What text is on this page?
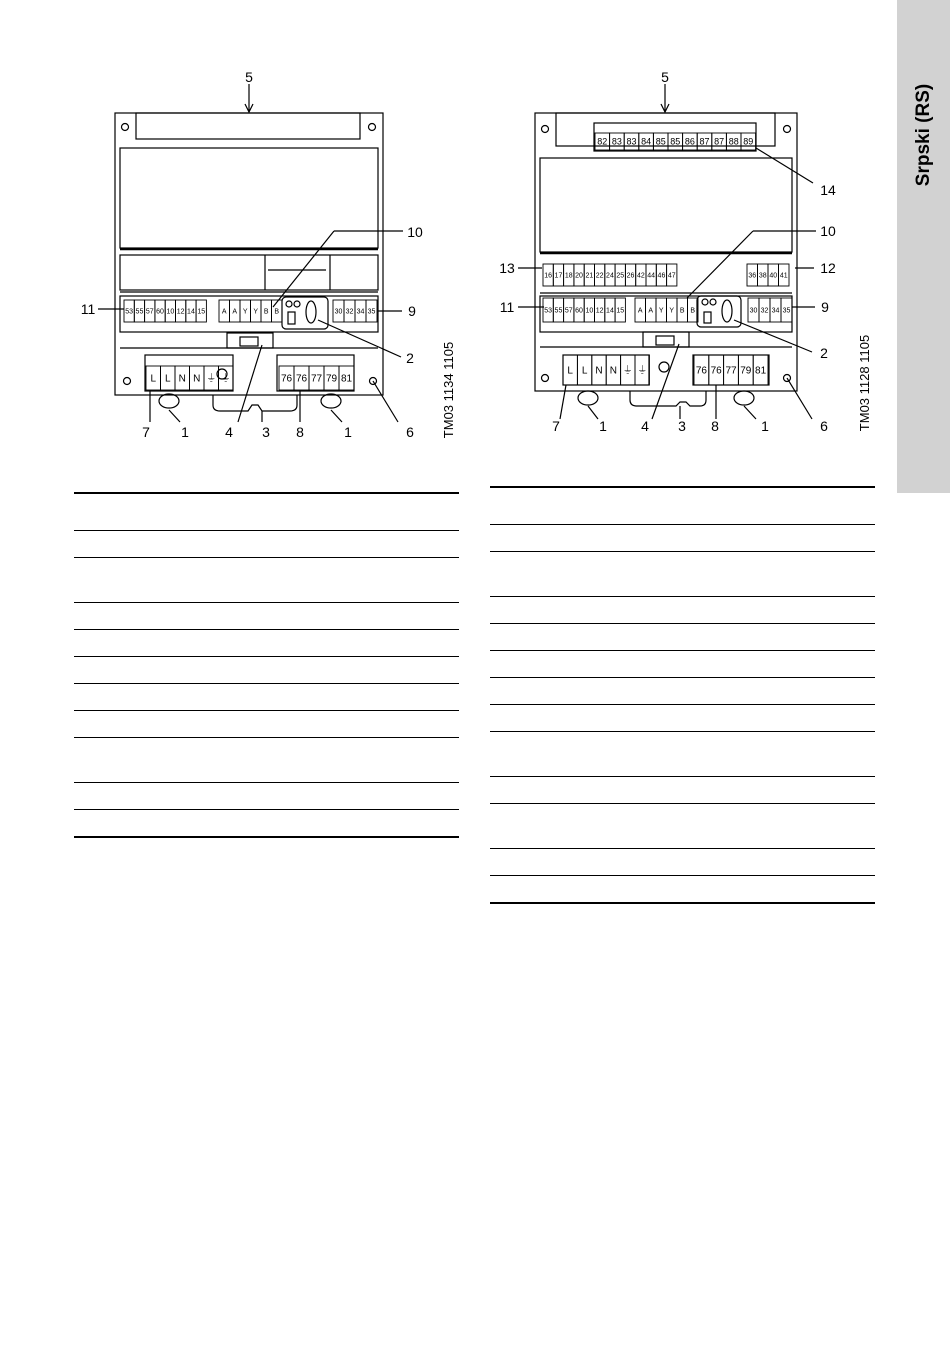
Srpski (RS)
5
10
11	9
2
7 1	4 3 8	1	6 TM03 1134 1105
53 55 57 60 10 12 14 15 A A Y Y B B	30 32 34 35
L L N N ⏚ ⏚	76 76 77 79 81
5
14
10
13	12
11	9
2
7	1 4 3 8	1	6 TM03 1128 1105
82 83 83 84 85 85 86 87 87 88 89
16 17 18 20 21 22 24 25 26 42 44 46 47	36 38 40 41
53 55 57 60 10 12 14 15 A A Y Y B B	30 32 34 35
L L N N ⏚ ⏚	76 76 77 79 81
